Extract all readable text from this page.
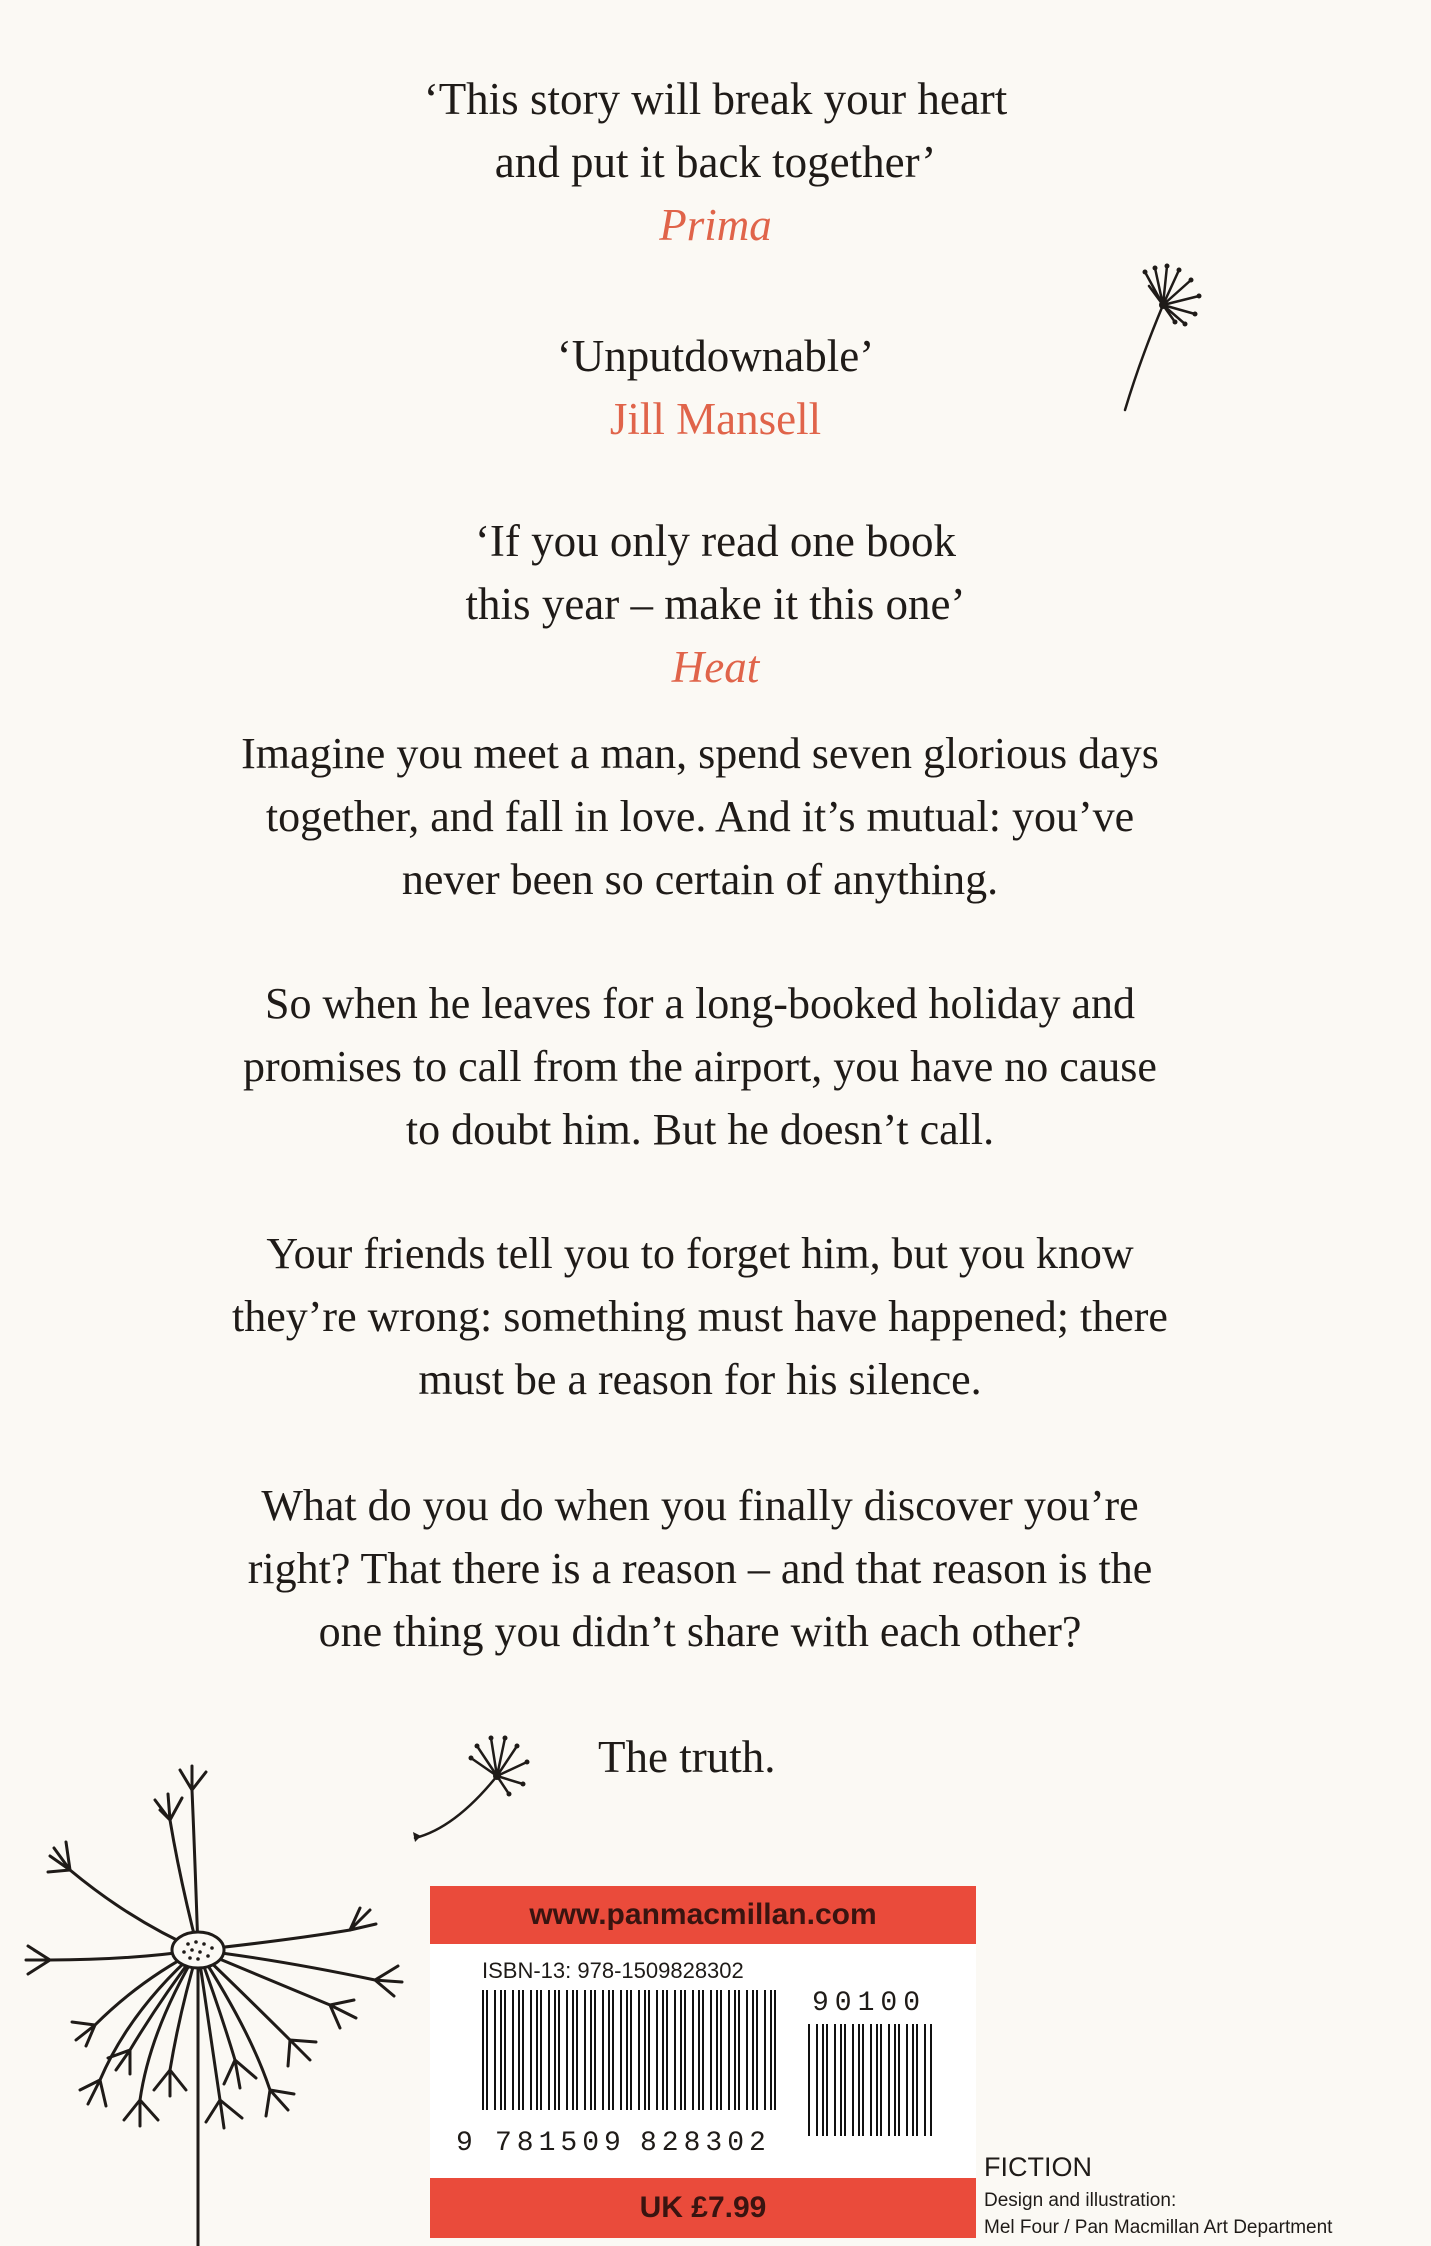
‘This story will break your heart
and put it back together’
Prima
‘Unputdownable’
Jill Mansell
‘If you only read one book
this year – make it this one’
Heat
Imagine you meet a man, spend seven glorious days
together, and fall in love. And it’s mutual: you’ve
never been so certain of anything.
So when he leaves for a long-booked holiday and
promises to call from the airport, you have no cause
to doubt him. But he doesn’t call.
Your friends tell you to forget him, but you know
they’re wrong: something must have happened; there
must be a reason for his silence.
What do you do when you finally discover you’re
right? That there is a reason – and that reason is the
one thing you didn’t share with each other?
The truth.
www.panmacmillan.com
ISBN-13: 978-1509828302
90100
9 781509 828302
UK £7.99
FICTION
Design and illustration:
Mel Four / Pan Macmillan Art Department
